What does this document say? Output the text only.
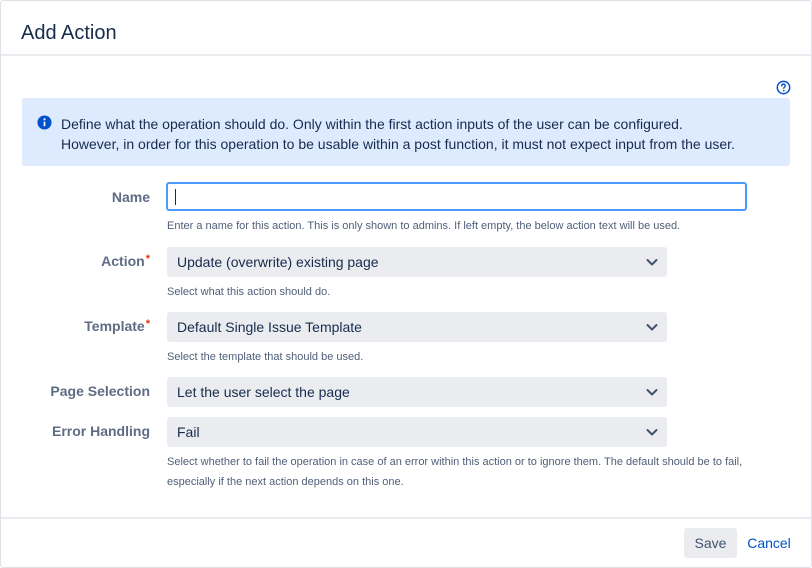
Add Action
Define what the operation should do. Only within the first action inputs of the user can be configured.
However, in order for this operation to be usable within a post function, it must not expect input from the user.
Name
Enter a name for this action. This is only shown to admins. If left empty, the below action text will be used.
Action* Update (overwrite) existing page
Select what this action should do.
Template* Default Single Issue Template
Select the template that should be used.
Page Selection Let the user select the page
Error Handling Fail
Select whether to fail the operation in case of an error within this action or to ignore them. The default should be to fail,
especially if the next action depends on this one.
Save	Cancel
